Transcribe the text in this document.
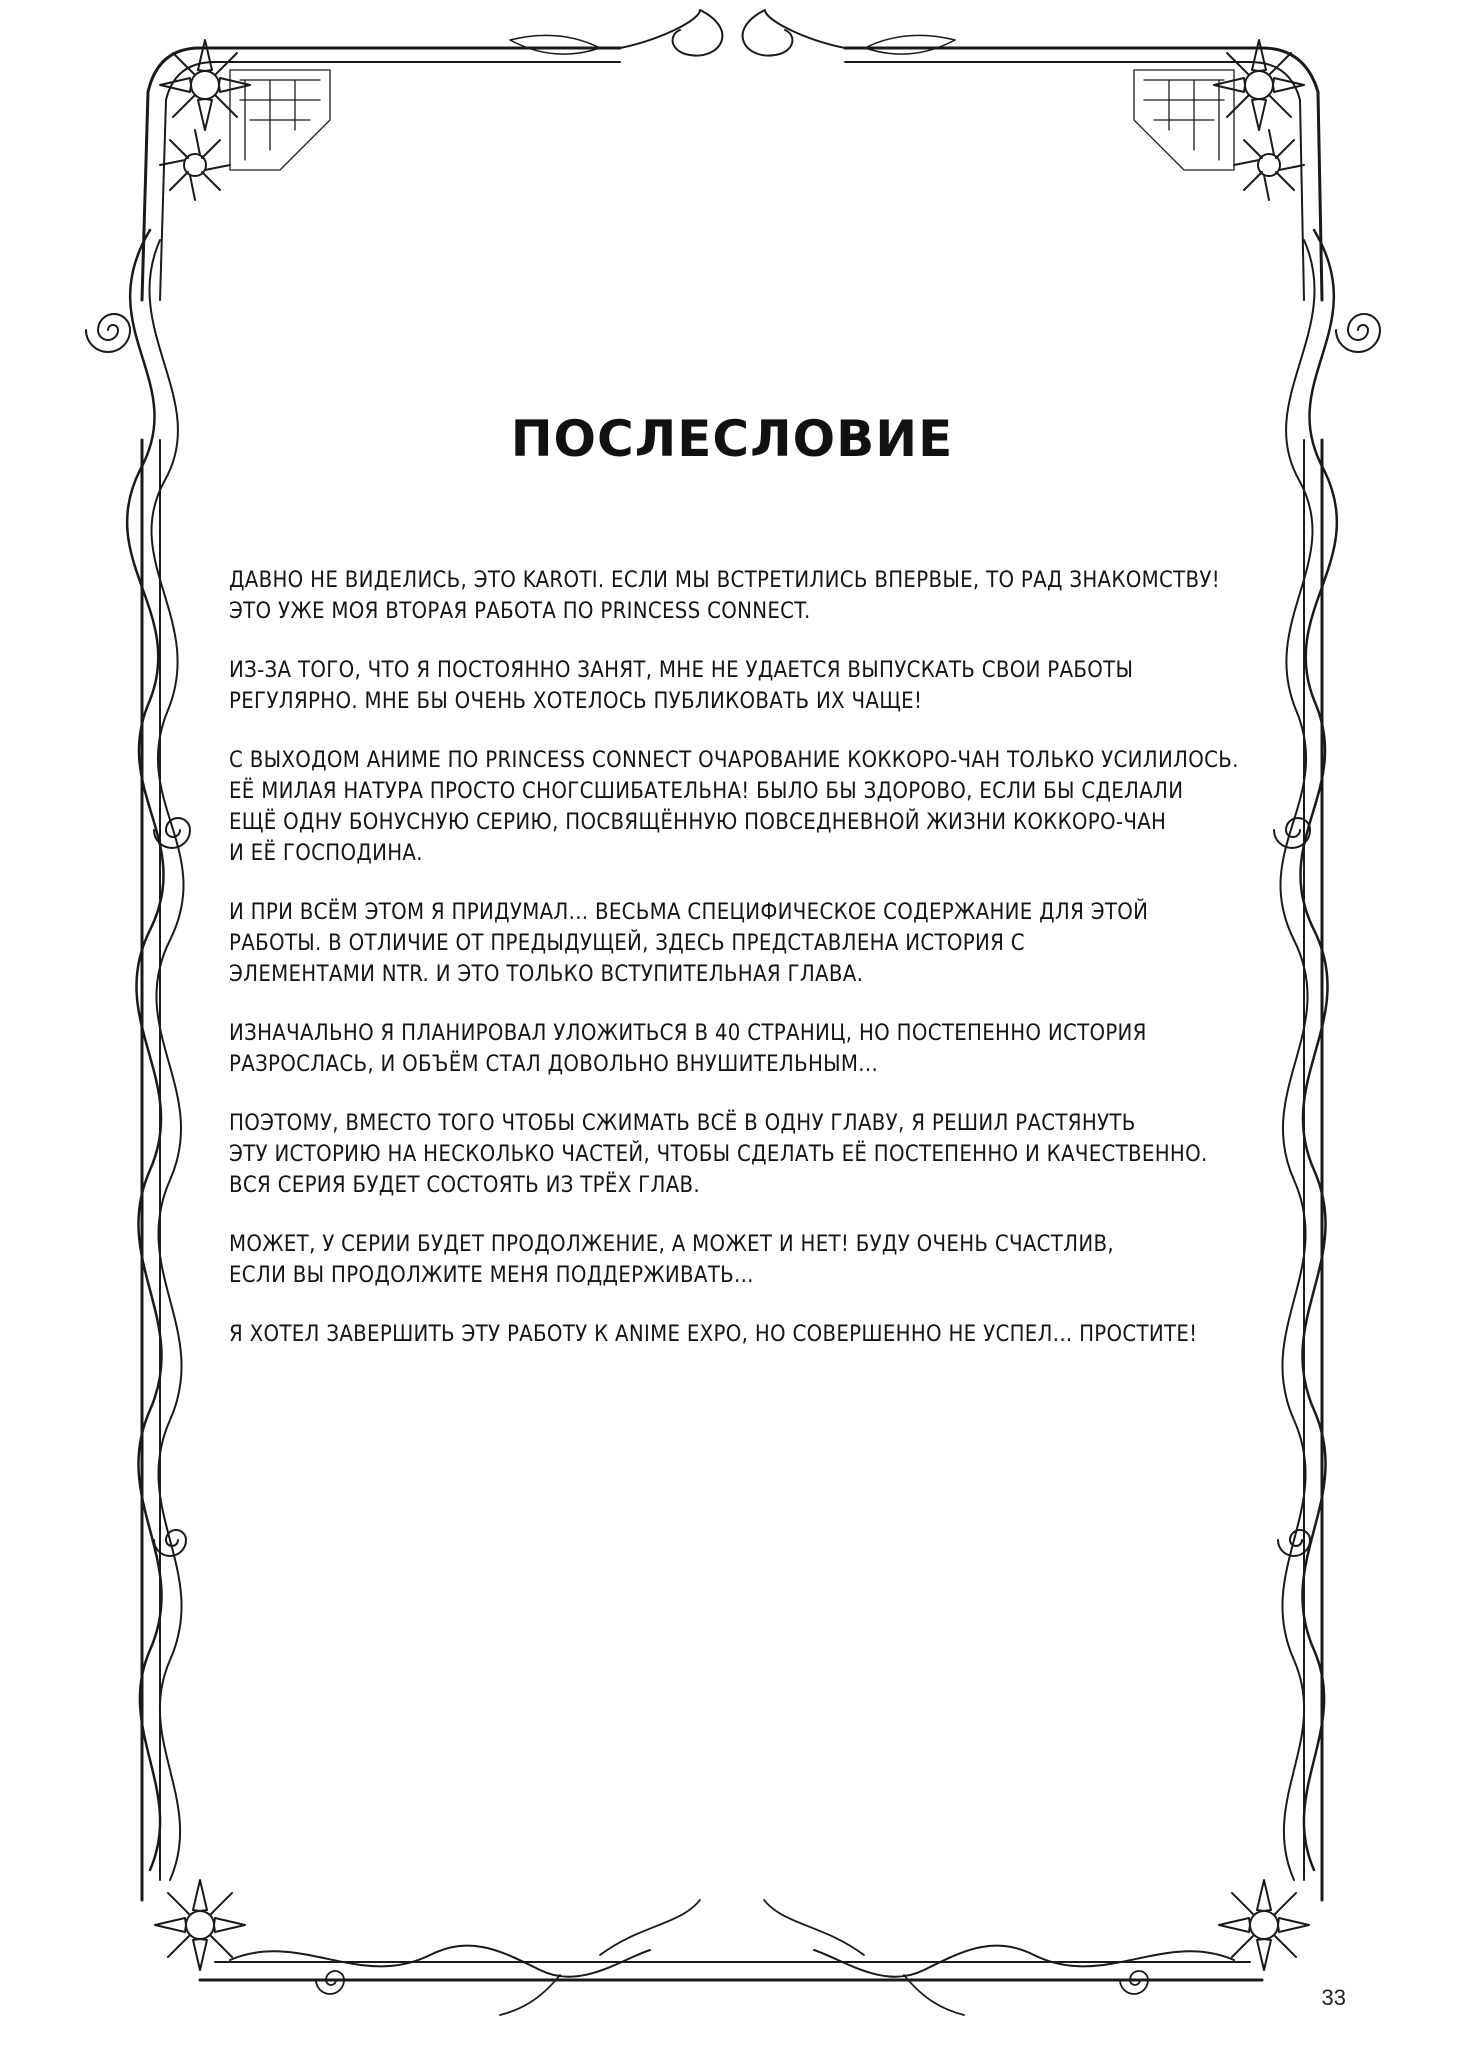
ПОСЛЕСЛОВИЕ
ДАВНО НЕ ВИДЕЛИСЬ, ЭТО KAROTI. ЕСЛИ МЫ ВСТРЕТИЛИСЬ ВПЕРВЫЕ, ТО РАД ЗНАКОМСТВУ!
ЭТО УЖЕ МОЯ ВТОРАЯ РАБОТА ПО PRINCESS CONNECT.
ИЗ-ЗА ТОГО, ЧТО Я ПОСТОЯННО ЗАНЯТ, МНЕ НЕ УДАЕТСЯ ВЫПУСКАТЬ СВОИ РАБОТЫ
РЕГУЛЯРНО. МНЕ БЫ ОЧЕНЬ ХОТЕЛОСЬ ПУБЛИКОВАТЬ ИХ ЧАЩЕ!
С ВЫХОДОМ АНИМЕ ПО PRINCESS CONNECT ОЧАРОВАНИЕ КОККОРО-ЧАН ТОЛЬКО УСИЛИЛОСЬ.
ЕЁ МИЛАЯ НАТУРА ПРОСТО СНОГСШИБАТЕЛЬНА! БЫЛО БЫ ЗДОРОВО, ЕСЛИ БЫ СДЕЛАЛИ
ЕЩЁ ОДНУ БОНУСНУЮ СЕРИЮ, ПОСВЯЩЁННУЮ ПОВСЕДНЕВНОЙ ЖИЗНИ КОККОРО-ЧАН
И ЕЁ ГОСПОДИНА.
И ПРИ ВСЁМ ЭТОМ Я ПРИДУМАЛ... ВЕСЬМА СПЕЦИФИЧЕСКОЕ СОДЕРЖАНИЕ ДЛЯ ЭТОЙ
РАБОТЫ. В ОТЛИЧИЕ ОТ ПРЕДЫДУЩЕЙ, ЗДЕСЬ ПРЕДСТАВЛЕНА ИСТОРИЯ С
ЭЛЕМЕНТАМИ NTR. И ЭТО ТОЛЬКО ВСТУПИТЕЛЬНАЯ ГЛАВА.
ИЗНАЧАЛЬНО Я ПЛАНИРОВАЛ УЛОЖИТЬСЯ В 40 СТРАНИЦ, НО ПОСТЕПЕННО ИСТОРИЯ
РАЗРОСЛАСЬ, И ОБЪЁМ СТАЛ ДОВОЛЬНО ВНУШИТЕЛЬНЫМ...
ПОЭТОМУ, ВМЕСТО ТОГО ЧТОБЫ СЖИМАТЬ ВСЁ В ОДНУ ГЛАВУ, Я РЕШИЛ РАСТЯНУТЬ
ЭТУ ИСТОРИЮ НА НЕСКОЛЬКО ЧАСТЕЙ, ЧТОБЫ СДЕЛАТЬ ЕЁ ПОСТЕПЕННО И КАЧЕСТВЕННО.
ВСЯ СЕРИЯ БУДЕТ СОСТОЯТЬ ИЗ ТРЁХ ГЛАВ.
МОЖЕТ, У СЕРИИ БУДЕТ ПРОДОЛЖЕНИЕ, А МОЖЕТ И НЕТ! БУДУ ОЧЕНЬ СЧАСТЛИВ,
ЕСЛИ ВЫ ПРОДОЛЖИТЕ МЕНЯ ПОДДЕРЖИВАТЬ...
Я ХОТЕЛ ЗАВЕРШИТЬ ЭТУ РАБОТУ К ANIME EXPO, НО СОВЕРШЕННО НЕ УСПЕЛ... ПРОСТИТЕ!
33
